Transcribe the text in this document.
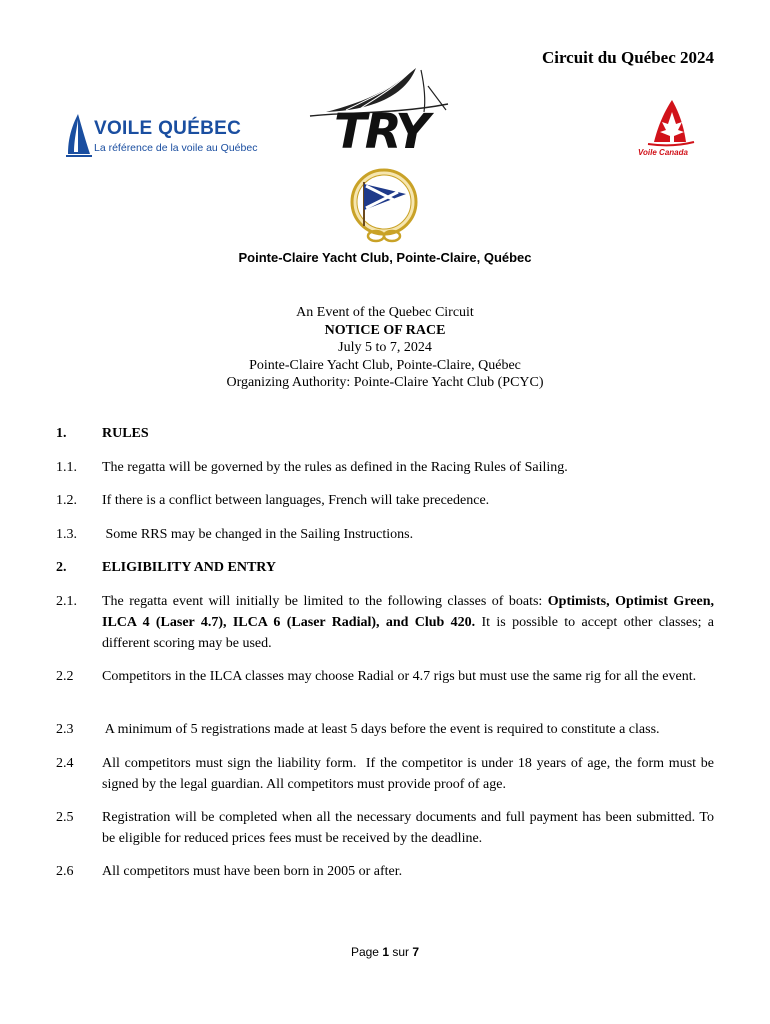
Circuit du Québec 2024
VOILE QUÉBEC
La référence de la voile au Québec TRY	Voile Canada
Pointe-Claire Yacht Club, Pointe-Claire, Québec
An Event of the Quebec Circuit
NOTICE OF RACE
July 5 to 7, 2024
Pointe-Claire Yacht Club, Pointe-Claire, Québec
Organizing Authority: Pointe-Claire Yacht Club (PCYC)
1.	RULES
1.1. The regatta will be governed by the rules as defined in the Racing Rules of Sailing.
1.2. If there is a conflict between languages, French will take precedence.
1.3. Some RRS may be changed in the Sailing Instructions.
2.	ELIGIBILITY AND ENTRY
2.1. The regatta event will initially be limited to the following classes of boats: Optimists, Optimist Green, ILCA 4 (Laser 4.7), ILCA 6 (Laser Radial), and Club 420. It is possible to accept other classes; a different scoring may be used.
2.2 Competitors in the ILCA classes may choose Radial or 4.7 rigs but must use the same rig for all the event.
2.3 A minimum of 5 registrations made at least 5 days before the event is required to constitute a class.
2.4 All competitors must sign the liability form.  If the competitor is under 18 years of age, the form must be signed by the legal guardian. All competitors must provide proof of age.
2.5 Registration will be completed when all the necessary documents and full payment has been submitted. To be eligible for reduced prices fees must be received by the deadline.
2.6 All competitors must have been born in 2005 or after.
Page 1 sur 7
